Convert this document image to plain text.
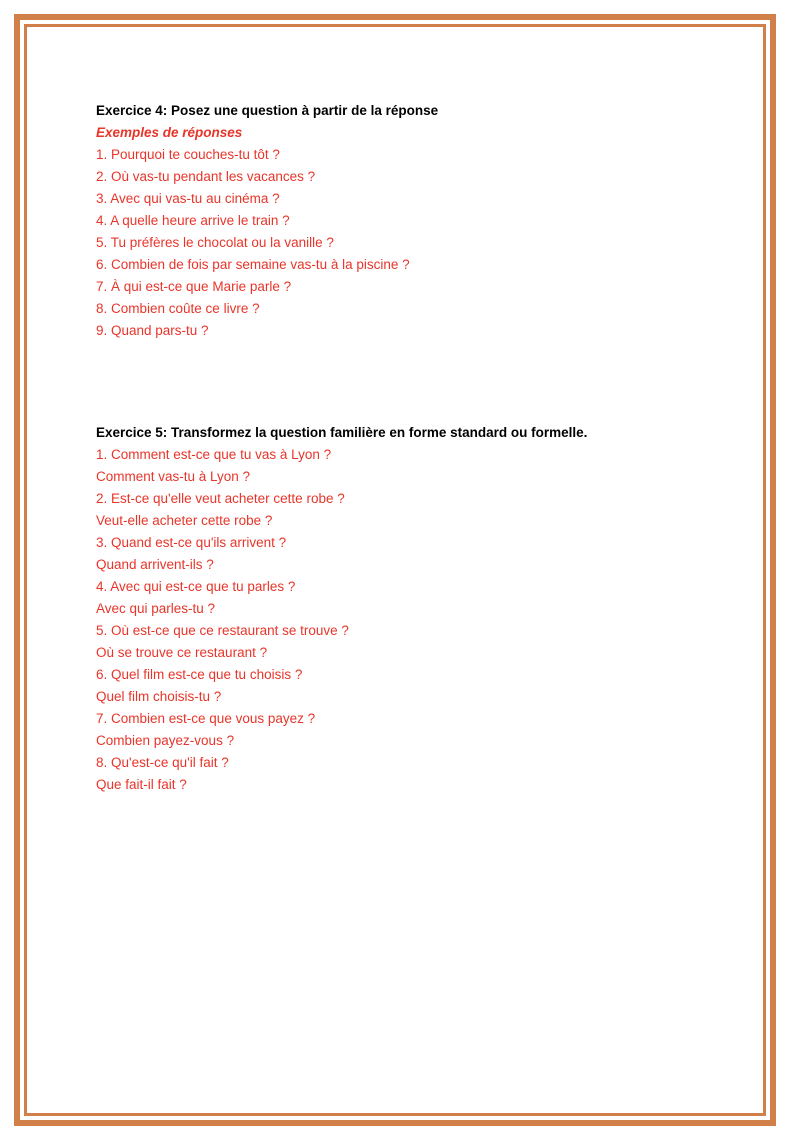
Exercice 4: Posez une question à partir de la réponse

Exemples de réponses

1. Pourquoi te couches-tu tôt ?

2. Où vas-tu pendant les vacances ?

3. Avec qui vas-tu au cinéma ?

4. A quelle heure arrive le train ?

5. Tu préfères le chocolat ou la vanille ?

6. Combien de fois par semaine vas-tu à la piscine ?

7. À qui est-ce que Marie parle ?

8. Combien coûte ce livre ?

9. Quand pars-tu ?

Exercice 5: Transformez la question familière en forme standard ou formelle.

1. Comment est-ce que tu vas à Lyon ?

Comment vas-tu à Lyon ?

2. Est-ce qu'elle veut acheter cette robe ?

Veut-elle acheter cette robe ?

3. Quand est-ce qu'ils arrivent ?

Quand arrivent-ils ?

4. Avec qui est-ce que tu parles ?

Avec qui parles-tu ?

5. Où est-ce que ce restaurant se trouve ?

Où se trouve ce restaurant ?

6. Quel film est-ce que tu choisis ?

Quel film choisis-tu ?

7. Combien est-ce que vous payez ?

Combien payez-vous ?

8. Qu'est-ce qu'il fait ?

Que fait-il fait ?
